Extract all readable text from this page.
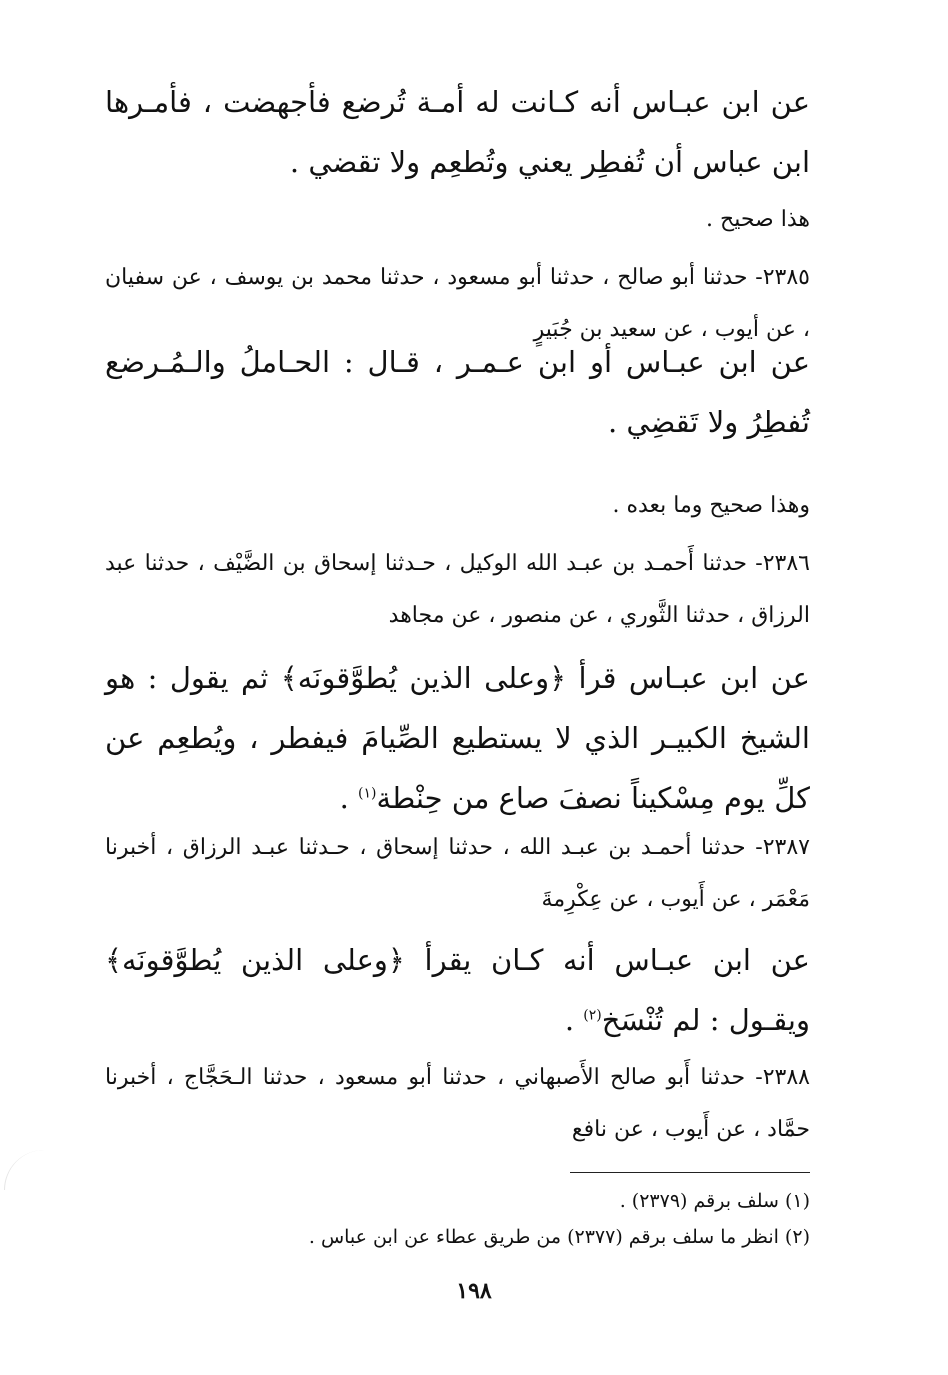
عن ابن عبـاس أنه كـانت له أمـة تُرضع فأجهضت ، فأمـرها ابن عباس أن تُفطِر يعني وتُطعِم ولا تقضي .
هذا صحيح .
٢٣٨٥- حدثنا أبو صالح ، حدثنا أبو مسعود ، حدثنا محمد بن يوسف ، عن سفيان ، عن أيوب ، عن سعيد بن جُبَيرٍ
عن ابن عبـاس أو ابن عـمـر ، قـال : الحـاملُ والـمُـرضع تُفطِرُ ولا تَقضِي .
وهذا صحيح وما بعده .
٢٣٨٦- حدثنا أَحمـد بن عبـد الله الوكيل ، حـدثنا إسحاق بن الضَّيْف ، حدثنا عبد الرزاق ، حدثنا الثَّوري ، عن منصور ، عن مجاهد
عن ابن عبـاس قرأ ﴿وعلى الذين يُطوَّقونَه﴾ ثم يقول : هو الشيخ الكبيـر الذي لا يستطيع الصِّيامَ فيفطر ، ويُطعِم عن كلِّ يوم مِسْكيناً نصفَ صاع من حِنْطة$^{(١)}$ .
٢٣٨٧- حدثنا أحمـد بن عبـد الله ، حدثنا إسحاق ، حـدثنا عبـد الرزاق ، أخبرنا مَعْمَر ، عن أَيوب ، عن عِكْرِمةَ
عن ابن عبـاس أنه كـان يقرأ ﴿وعلى الذين يُطوَّقونَه﴾ ويقـول : لم تُنْسَخ$^{(٢)}$ .
٢٣٨٨- حدثنا أَبو صالح الأَصبهاني ، حدثنا أبو مسعود ، حدثنا الـحَجَّاج ، أخبرنا حمَّاد ، عن أَيوب ، عن نافع
(١) سلف برقم (٢٣٧٩) .
(٢) انظر ما سلف برقم (٢٣٧٧) من طريق عطاء عن ابن عباس .
١٩٨
